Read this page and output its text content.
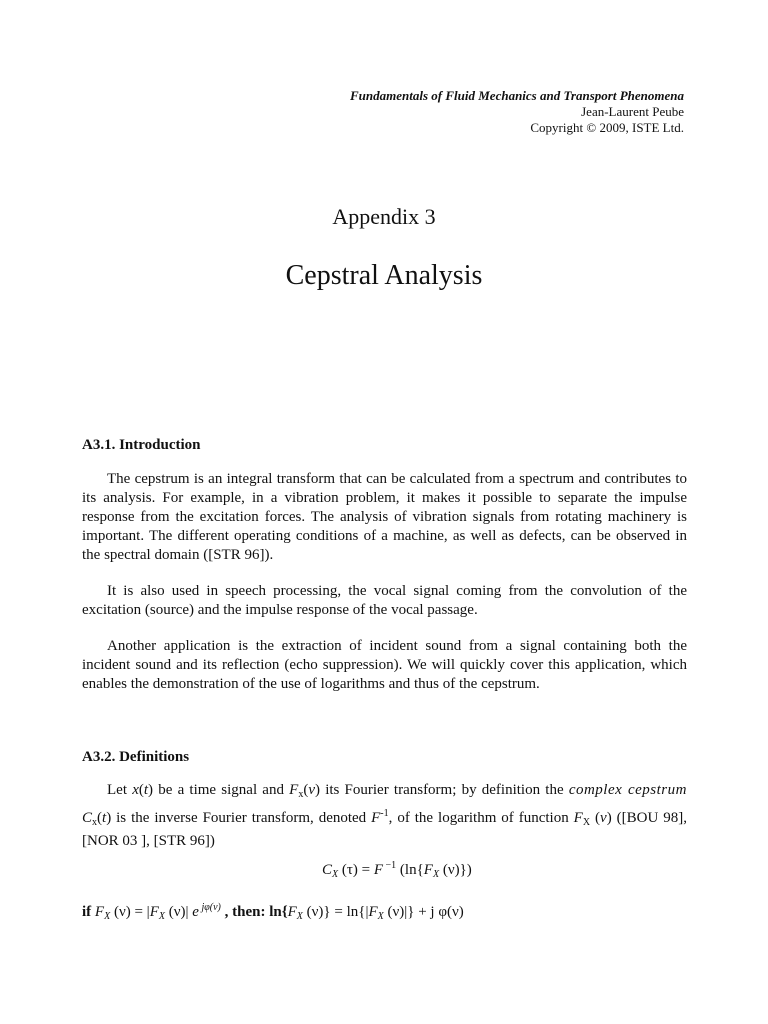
Fundamentals of Fluid Mechanics and Transport Phenomena
Jean-Laurent Peube
Copyright © 2009, ISTE Ltd.
Appendix 3
Cepstral Analysis
A3.1. Introduction

The cepstrum is an integral transform that can be calculated from a spectrum and contributes to its analysis. For example, in a vibration problem, it makes it possible to separate the impulse response from the excitation forces. The analysis of vibration signals from rotating machinery is important. The different operating conditions of a machine, as well as defects, can be observed in the spectral domain ([STR 96]).

It is also used in speech processing, the vocal signal coming from the convolution of the excitation (source) and the impulse response of the vocal passage.

Another application is the extraction of incident sound from a signal containing both the incident sound and its reflection (echo suppression). We will quickly cover this application, which enables the demonstration of the use of logarithms and thus of the cepstrum.

A3.2. Definitions

Let x(t) be a time signal and $F_x(\nu)$ its Fourier transform; by definition the complex cepstrum $C_x(t)$ is the inverse Fourier transform, denoted $F^{-1}$, of the logarithm of function $F_X$ (ν) ([BOU 98], [NOR 03 ], [STR 96])

$C_X$ (τ) = F $^{-1}$ ($\ln\{F_X$ (ν)})
if $F_X$ $(\nu) = |F_X$ (ν)| e $^{j\varphi(\nu)}$ , then: $\ln\{F_X$ $(\nu)\} = \ln\{|F_X$ (ν)|} + j φ(ν)
